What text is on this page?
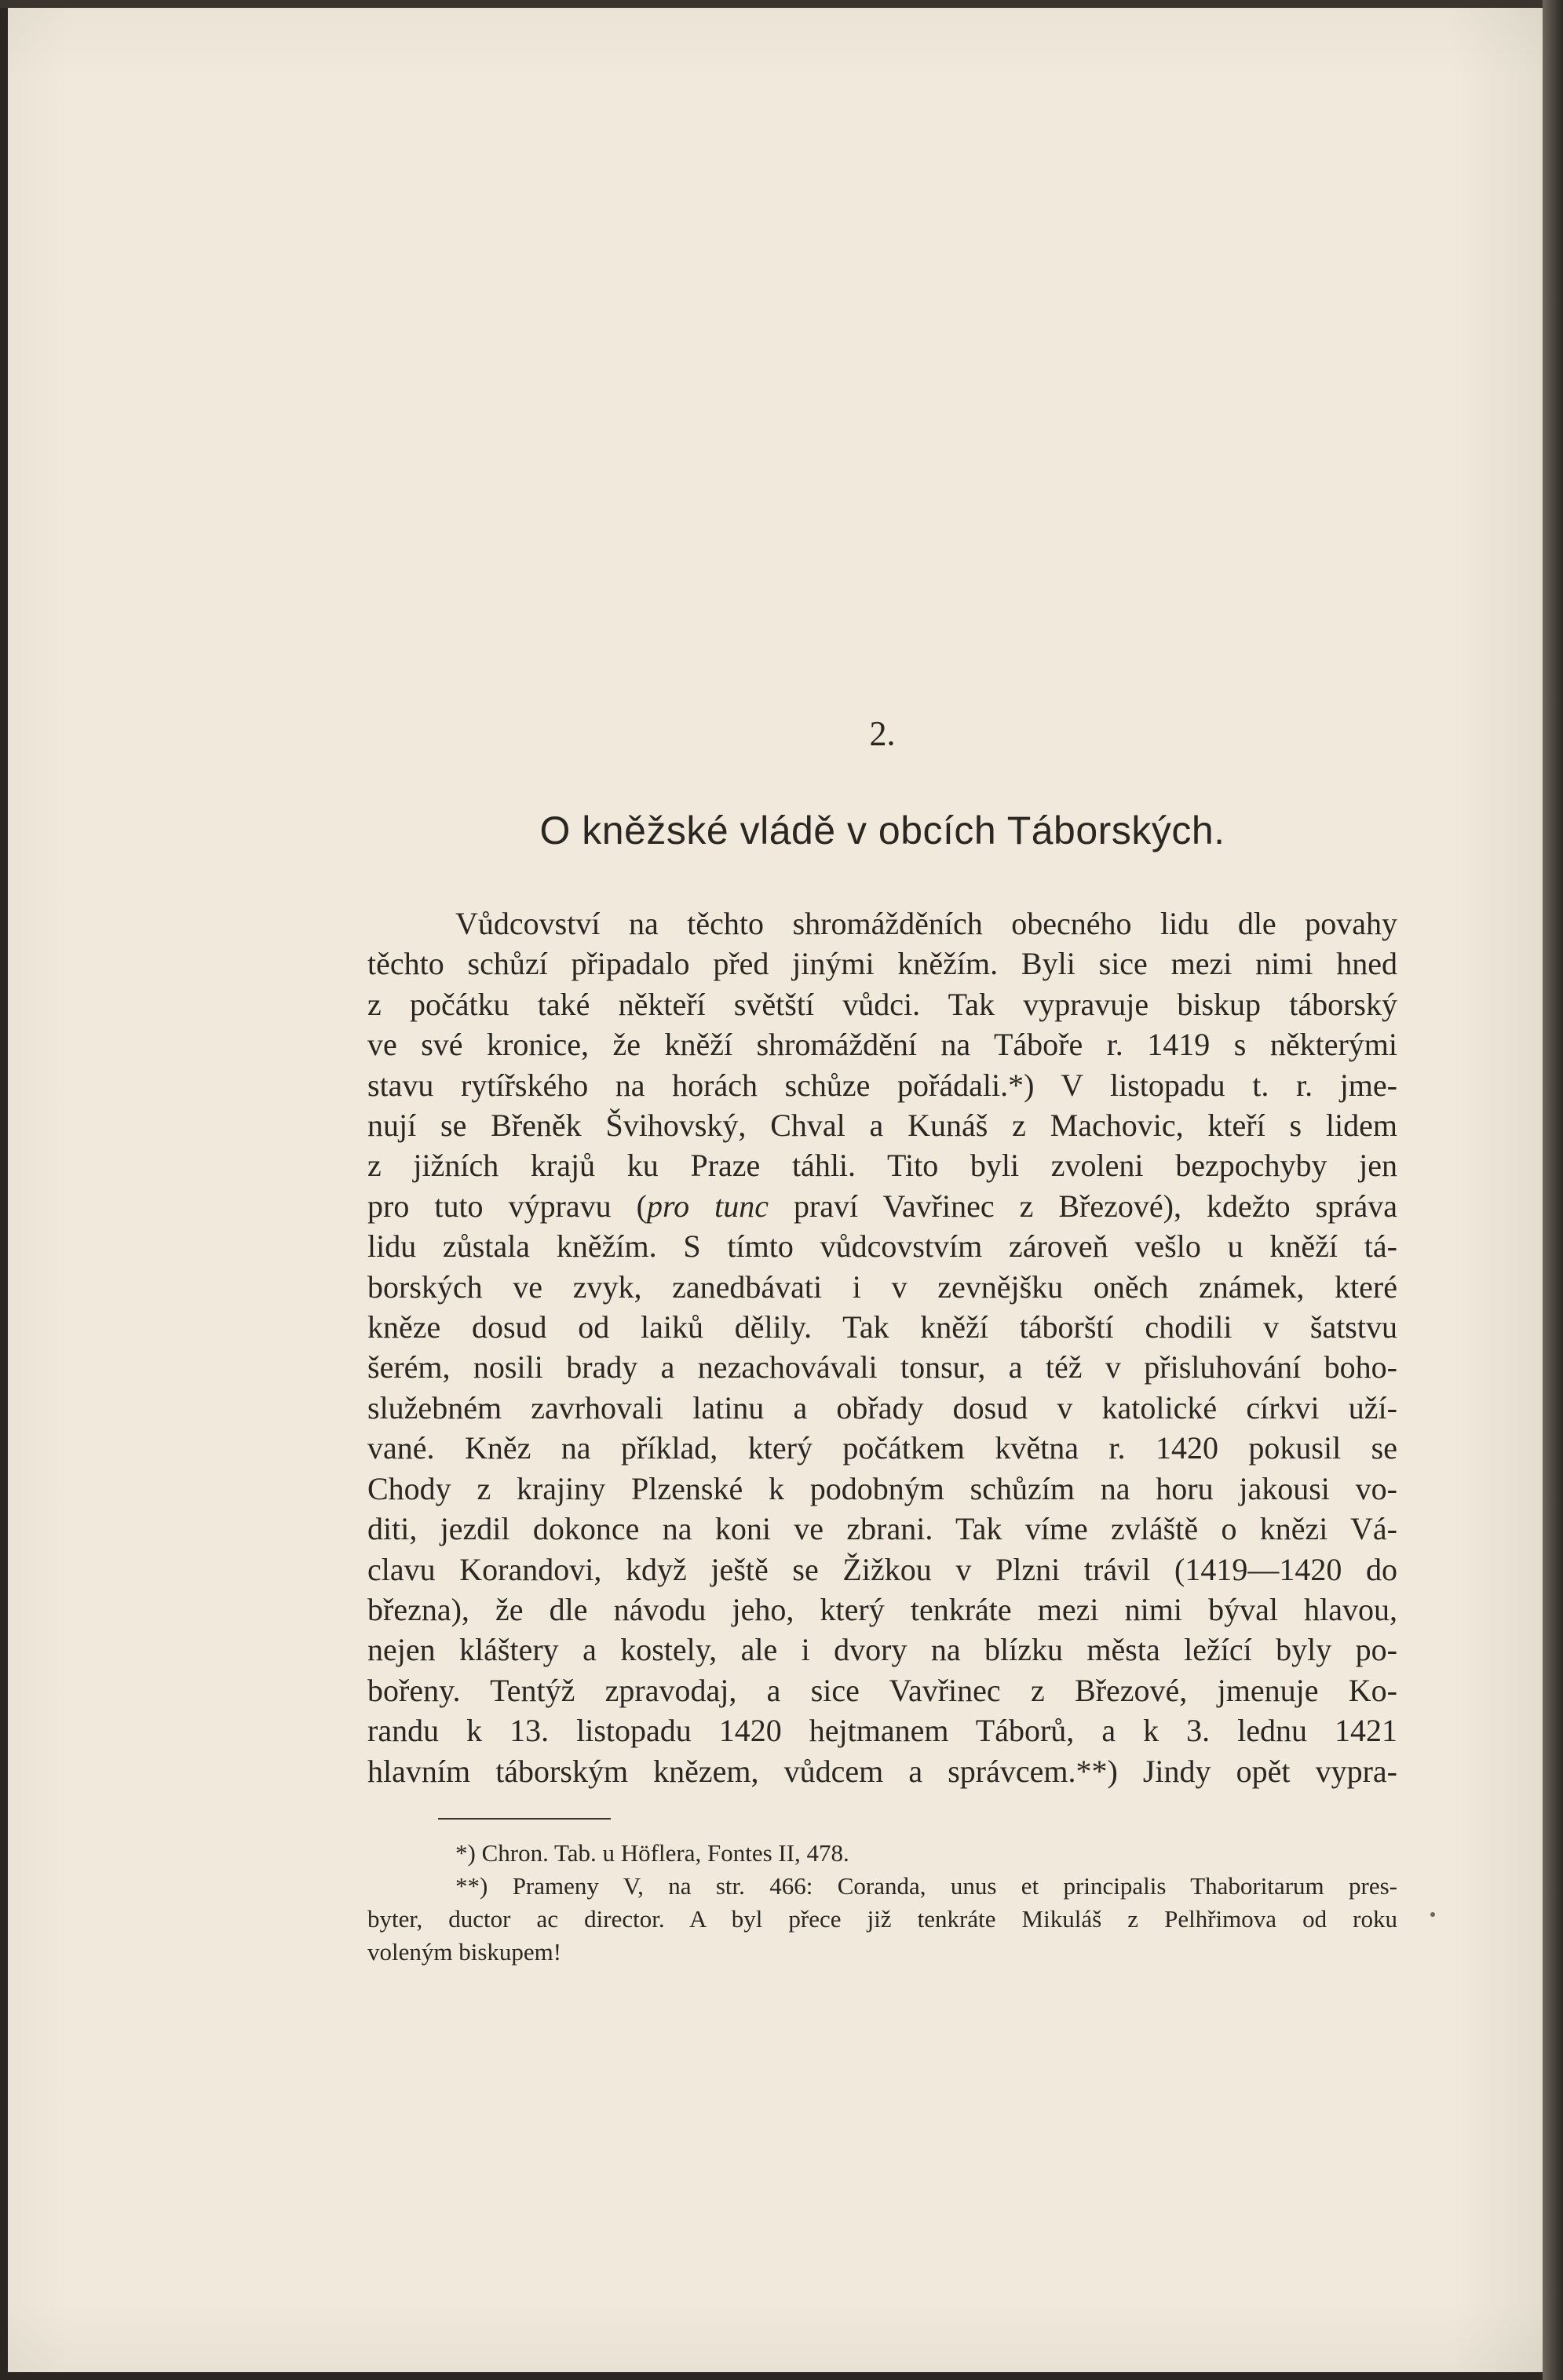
2.
O kněžské vládě v obcích Táborských.
Vůdcovství na těchto shromážděních obecného lidu dle povahy
těchto schůzí připadalo před jinými kněžím. Byli sice mezi nimi hned
z počátku také někteří světští vůdci. Tak vypravuje biskup táborský
ve své kronice, že kněží shromáždění na Táboře r. 1419 s některými
stavu rytířského na horách schůze pořádali.*) V listopadu t. r. jme-
nují se Břeněk Švihovský, Chval a Kunáš z Machovic, kteří s lidem
z jižních krajů ku Praze táhli. Tito byli zvoleni bezpochyby jen
pro tuto výpravu (pro tunc praví Vavřinec z Březové), kdežto správa
lidu zůstala kněžím. S tímto vůdcovstvím zároveň vešlo u kněží tá-
borských ve zvyk, zanedbávati i v zevnějšku oněch známek, které
kněze dosud od laiků dělily. Tak kněží táborští chodili v šatstvu
šerém, nosili brady a nezachovávali tonsur, a též v přisluhování boho-
služebném zavrhovali latinu a obřady dosud v katolické církvi uží-
vané. Kněz na příklad, který počátkem května r. 1420 pokusil se
Chody z krajiny Plzenské k podobným schůzím na horu jakousi vo-
diti, jezdil dokonce na koni ve zbrani. Tak víme zvláště o knězi Vá-
clavu Korandovi, když ještě se Žižkou v Plzni trávil (1419—1420 do
března), že dle návodu jeho, který tenkráte mezi nimi býval hlavou,
nejen kláštery a kostely, ale i dvory na blízku města ležící byly po-
bořeny. Tentýž zpravodaj, a sice Vavřinec z Březové, jmenuje Ko-
randu k 13. listopadu 1420 hejtmanem Táborů, a k 3. lednu 1421
hlavním táborským knězem, vůdcem a správcem.**) Jindy opět vypra-
*) Chron. Tab. u Höflera, Fontes II, 478.
**) Prameny V, na str. 466: Coranda, unus et principalis Thaboritarum pres-
byter, ductor ac director. A byl přece již tenkráte Mikuláš z Pelhřimova od roku
voleným biskupem!
